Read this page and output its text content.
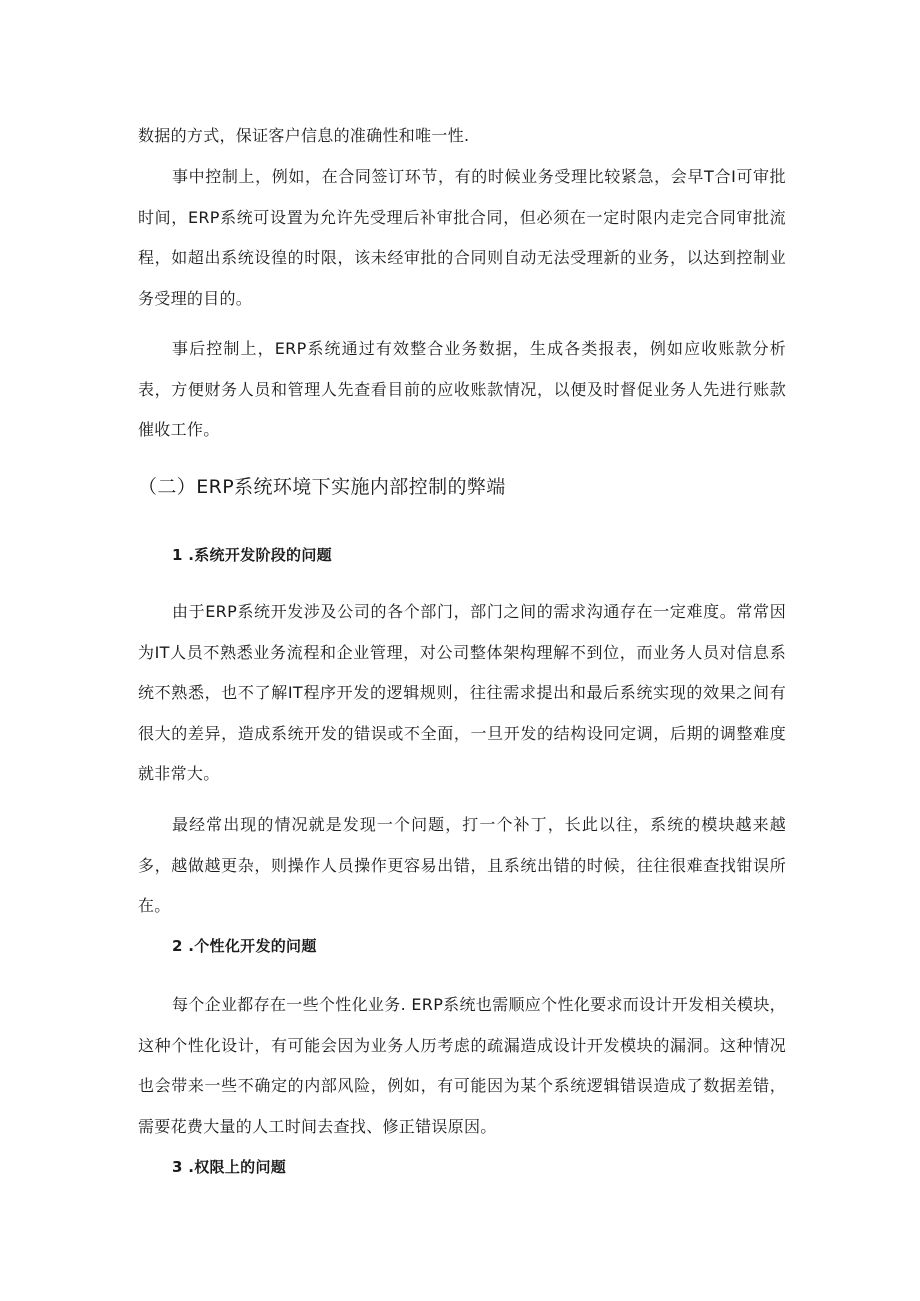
数据的方式，保证客户信息的准确性和唯一性.

事中控制上，例如，在合同签订环节，有的时候业务受理比较紧急，会早T合I可审批时间，ERP系统可设置为允许先受理后补审批合同，但必须在一定时限内走完合同审批流程，如超出系统设徨的时限，该未经审批的合同则自动无法受理新的业务，以达到控制业务受理的目的。

事后控制上，ERP系统通过有效整合业务数据，生成各类报表，例如应收账款分析表，方便财务人员和管理人先查看目前的应收账款情况，以便及时督促业务人先进行账款催收工作。

（二）ERP系统环境下实施内部控制的弊端
1 .系统开发阶段的问题

由于ERP系统开发涉及公司的各个部门，部门之间的需求沟通存在一定难度。常常因为IT人员不熟悉业务流程和企业管理，对公司整体架构理解不到位，而业务人员对信息系统不熟悉，也不了解IT程序开发的逻辑规则，往往需求提出和最后系统实现的效果之间有很大的差异，造成系统开发的错误或不全面，一旦开发的结构设冋定调，后期的调整难度就非常大。

最经常出现的情况就是发现一个问题，打一个补丁，长此以往，系统的模块越来越多，越做越更杂，则操作人员操作更容易出错，且系统出错的时候，往往很难查找钳误所在。

2 .个性化开发的问题

每个企业都存在一些个性化业务. ERP系统也需顺应个性化要求而设计开发相关模块，这种个性化设计，有可能会因为业务人历考虑的疏漏造成设计开发模块的漏洞。这种情况也会带来一些不确定的内部风险，例如，有可能因为某个系统逻辑错误造成了数据差错，需要花费大量的人工时间去查找、修正错误原因。

3 .权限上的问题
